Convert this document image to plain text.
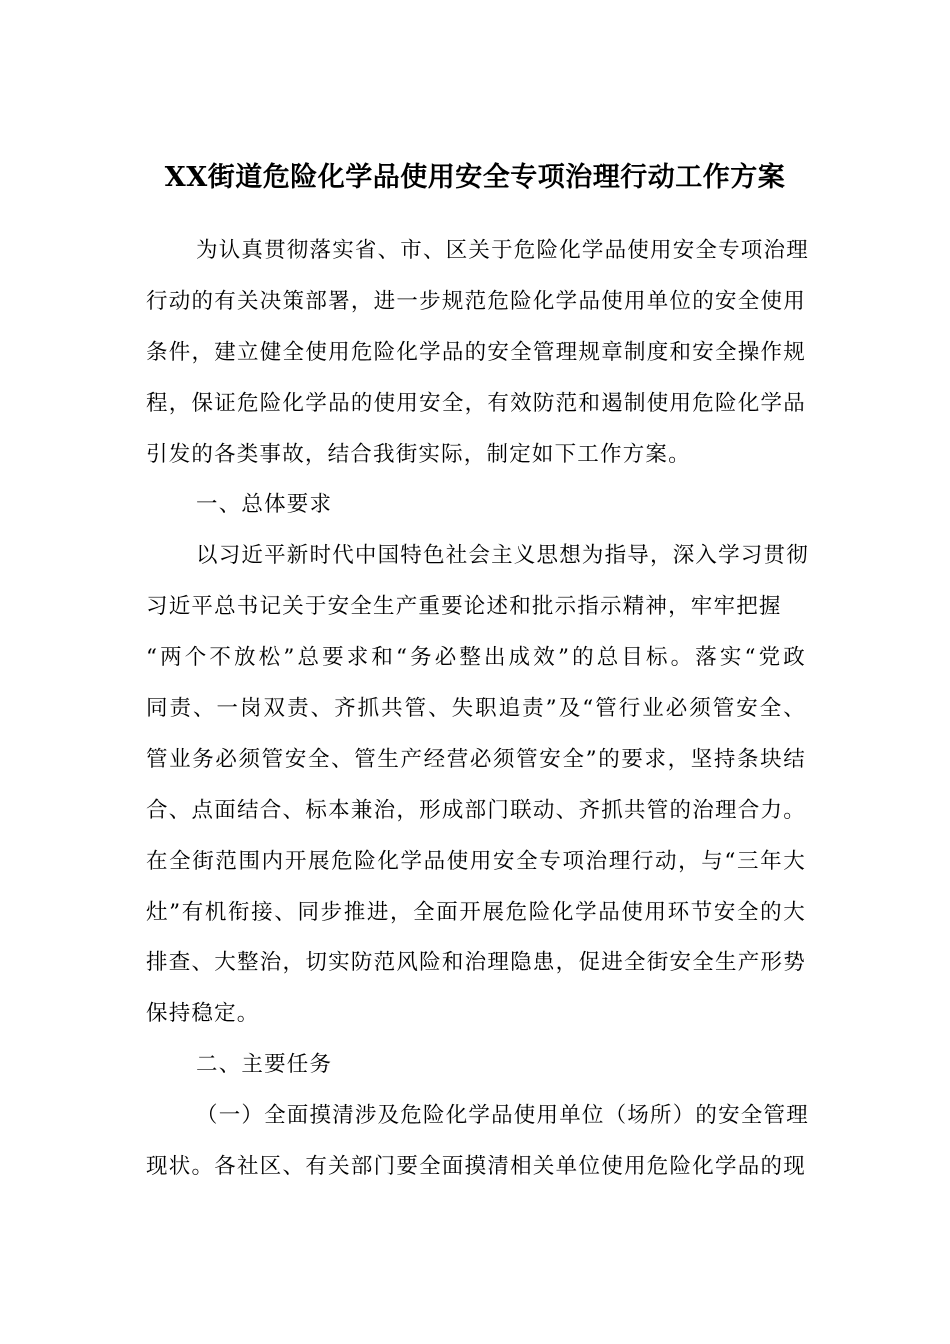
XX街道危险化学品使用安全专项治理行动工作方案
为认真贯彻落实省、市、区关于危险化学品使用安全专项治理
行动的有关决策部署，进一步规范危险化学品使用单位的安全使用
条件，建立健全使用危险化学品的安全管理规章制度和安全操作规
程，保证危险化学品的使用安全，有效防范和遏制使用危险化学品
引发的各类事故，结合我街实际，制定如下工作方案。
一、总体要求
以习近平新时代中国特色社会主义思想为指导，深入学习贯彻
习近平总书记关于安全生产重要论述和批示指示精神，牢牢把握
“两个不放松”总要求和“务必整出成效”的总目标。落实“党政
同责、一岗双责、齐抓共管、失职追责”及“管行业必须管安全、
管业务必须管安全、管生产经营必须管安全”的要求，坚持条块结
合、点面结合、标本兼治，形成部门联动、齐抓共管的治理合力。
在全街范围内开展危险化学品使用安全专项治理行动，与“三年大
灶”有机衔接、同步推进，全面开展危险化学品使用环节安全的大
排查、大整治，切实防范风险和治理隐患，促进全街安全生产形势
保持稳定。
二、主要任务
（一）全面摸清涉及危险化学品使用单位（场所）的安全管理
现状。各社区、有关部门要全面摸清相关单位使用危险化学品的现
